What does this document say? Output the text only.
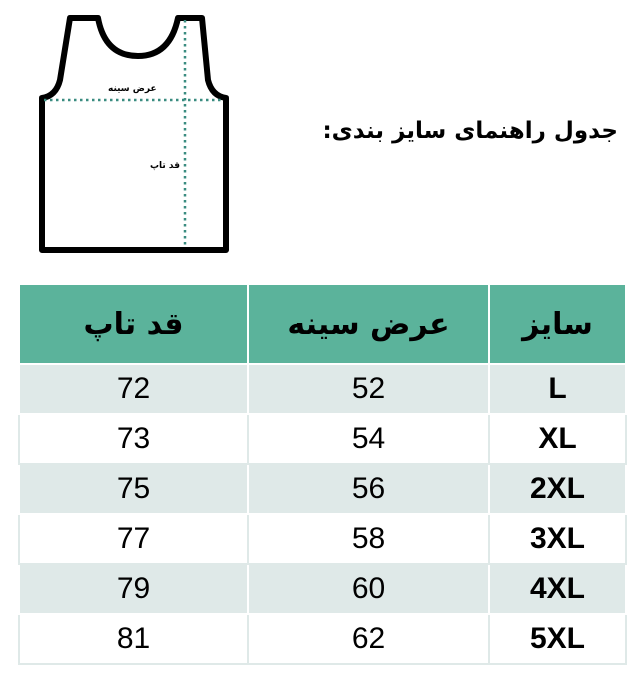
عرض سینه
قد تاپ
جدول راهنمای سایز بندی:
سایز	عرض سینه	قد تاپ
L	52	72
XL	54	73
2XL	56	75
3XL	58	77
4XL	60	79
5XL	62	81
